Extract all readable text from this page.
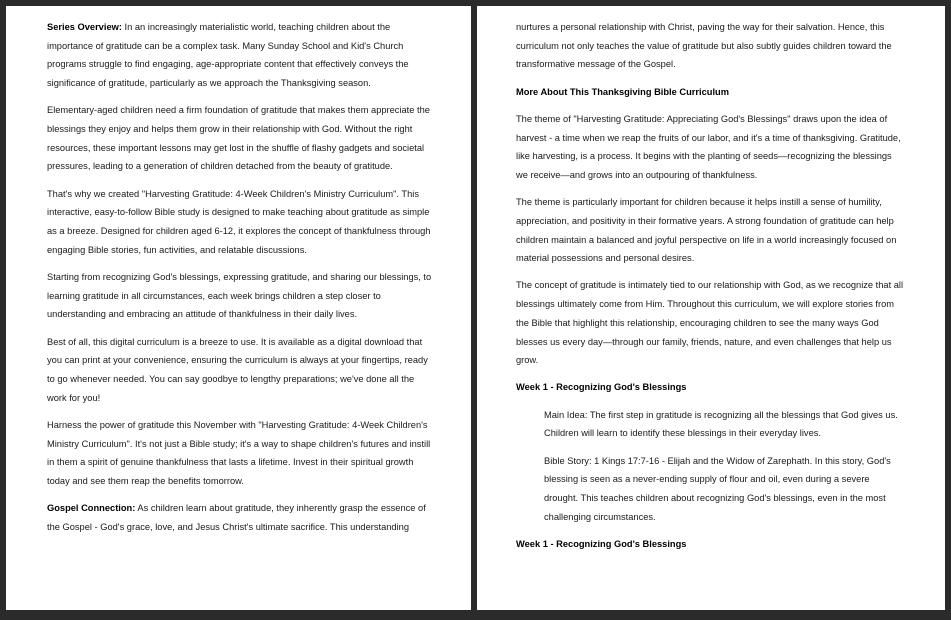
Series Overview: In an increasingly materialistic world, teaching children about the importance of gratitude can be a complex task. Many Sunday School and Kid's Church programs struggle to find engaging, age-appropriate content that effectively conveys the significance of gratitude, particularly as we approach the Thanksgiving season.

Elementary-aged children need a firm foundation of gratitude that makes them appreciate the blessings they enjoy and helps them grow in their relationship with God. Without the right resources, these important lessons may get lost in the shuffle of flashy gadgets and societal pressures, leading to a generation of children detached from the beauty of gratitude.

That's why we created "Harvesting Gratitude: 4-Week Children's Ministry Curriculum". This interactive, easy-to-follow Bible study is designed to make teaching about gratitude as simple as a breeze. Designed for children aged 6-12, it explores the concept of thankfulness through engaging Bible stories, fun activities, and relatable discussions.

Starting from recognizing God's blessings, expressing gratitude, and sharing our blessings, to learning gratitude in all circumstances, each week brings children a step closer to understanding and embracing an attitude of thankfulness in their daily lives.

Best of all, this digital curriculum is a breeze to use. It is available as a digital download that you can print at your convenience, ensuring the curriculum is always at your fingertips, ready to go whenever needed. You can say goodbye to lengthy preparations; we've done all the work for you!

Harness the power of gratitude this November with "Harvesting Gratitude: 4-Week Children's Ministry Curriculum". It's not just a Bible study; it's a way to shape children's futures and instill in them a spirit of genuine thankfulness that lasts a lifetime. Invest in their spiritual growth today and see them reap the benefits tomorrow.

Gospel Connection: As children learn about gratitude, they inherently grasp the essence of the Gospel - God's grace, love, and Jesus Christ's ultimate sacrifice. This understanding

nurtures a personal relationship with Christ, paving the way for their salvation. Hence, this curriculum not only teaches the value of gratitude but also subtly guides children toward the transformative message of the Gospel.

More About This Thanksgiving Bible Curriculum

The theme of "Harvesting Gratitude: Appreciating God's Blessings" draws upon the idea of harvest - a time when we reap the fruits of our labor, and it's a time of thanksgiving. Gratitude, like harvesting, is a process. It begins with the planting of seeds—recognizing the blessings we receive—and grows into an outpouring of thankfulness.

The theme is particularly important for children because it helps instill a sense of humility, appreciation, and positivity in their formative years. A strong foundation of gratitude can help children maintain a balanced and joyful perspective on life in a world increasingly focused on material possessions and personal desires.

The concept of gratitude is intimately tied to our relationship with God, as we recognize that all blessings ultimately come from Him. Throughout this curriculum, we will explore stories from the Bible that highlight this relationship, encouraging children to see the many ways God blesses us every day—through our family, friends, nature, and even challenges that help us grow.

Week 1 - Recognizing God's Blessings

Main Idea: The first step in gratitude is recognizing all the blessings that God gives us. Children will learn to identify these blessings in their everyday lives.

Bible Story: 1 Kings 17:7-16 - Elijah and the Widow of Zarephath. In this story, God's blessing is seen as a never-ending supply of flour and oil, even during a severe drought. This teaches children about recognizing God's blessings, even in the most challenging circumstances.

Week 1 - Recognizing God's Blessings
